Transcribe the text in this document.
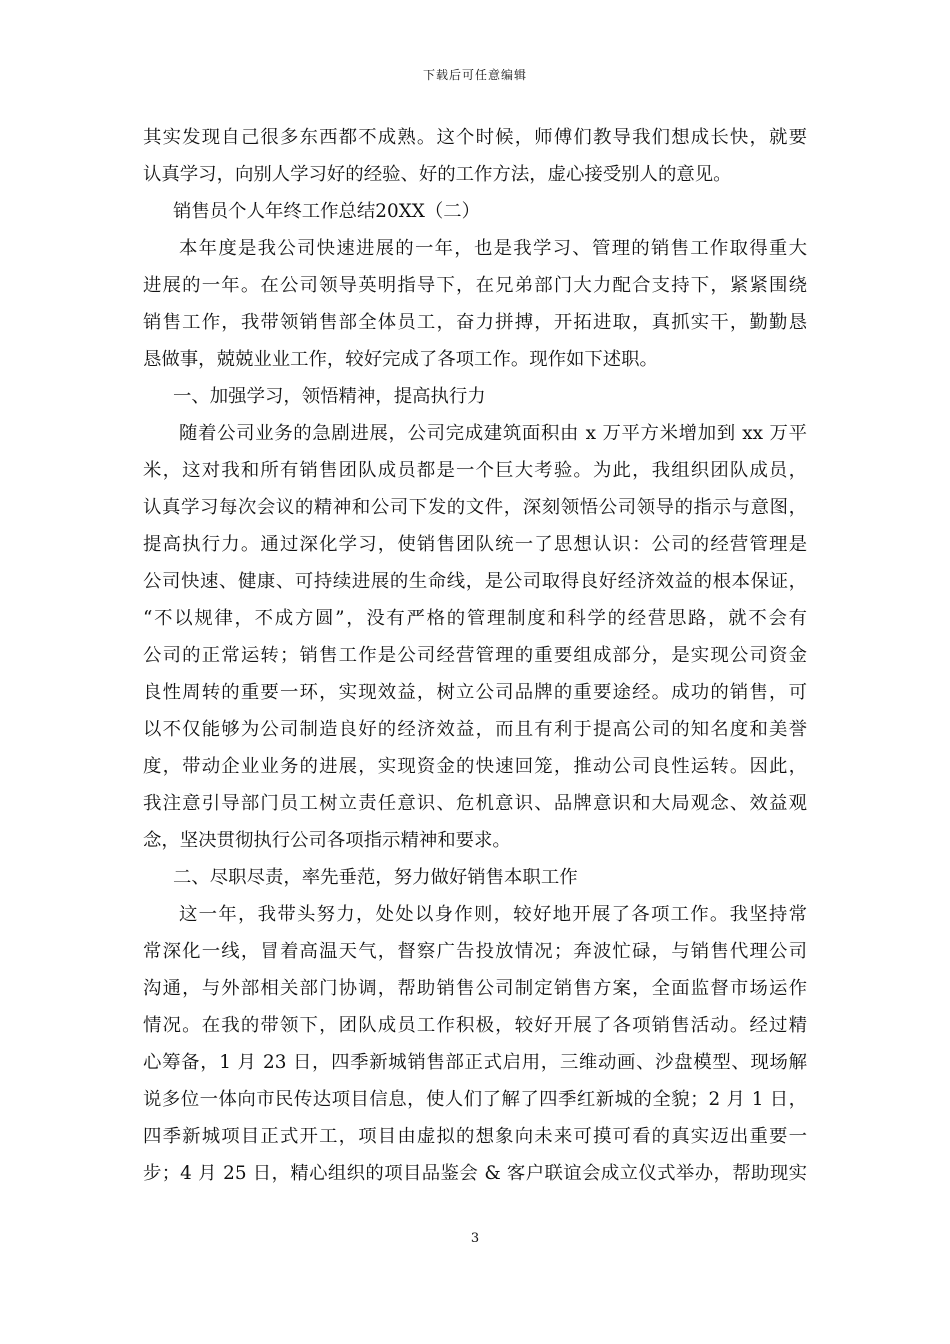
下载后可任意编辑
其实发现自己很多东西都不成熟。这个时候，师傅们教导我们想成长快，就要
认真学习，向别人学习好的经验、好的工作方法，虚心接受别人的意见。
销售员个人年终工作总结20XX（二）
本年度是我公司快速进展的一年，也是我学习、管理的销售工作取得重大
进展的一年。在公司领导英明指导下，在兄弟部门大力配合支持下，紧紧围绕
销售工作，我带领销售部全体员工，奋力拼搏，开拓进取，真抓实干，勤勤恳
恳做事，兢兢业业工作，较好完成了各项工作。现作如下述职。
一、加强学习，领悟精神，提高执行力
随着公司业务的急剧进展，公司完成建筑面积由 x 万平方米增加到 xx 万平
米，这对我和所有销售团队成员都是一个巨大考验。为此，我组织团队成员，
认真学习每次会议的精神和公司下发的文件，深刻领悟公司领导的指示与意图，
提高执行力。通过深化学习，使销售团队统一了思想认识：公司的经营管理是
公司快速、健康、可持续进展的生命线，是公司取得良好经济效益的根本保证，
“不以规律，不成方圆”，没有严格的管理制度和科学的经营思路，就不会有
公司的正常运转；销售工作是公司经营管理的重要组成部分，是实现公司资金
良性周转的重要一环，实现效益，树立公司品牌的重要途经。成功的销售，可
以不仅能够为公司制造良好的经济效益，而且有利于提高公司的知名度和美誉
度，带动企业业务的进展，实现资金的快速回笼，推动公司良性运转。因此，
我注意引导部门员工树立责任意识、危机意识、品牌意识和大局观念、效益观
念，坚决贯彻执行公司各项指示精神和要求。
二、尽职尽责，率先垂范，努力做好销售本职工作
这一年，我带头努力，处处以身作则，较好地开展了各项工作。我坚持常
常深化一线，冒着高温天气，督察广告投放情况；奔波忙碌，与销售代理公司
沟通，与外部相关部门协调，帮助销售公司制定销售方案，全面监督市场运作
情况。在我的带领下，团队成员工作积极，较好开展了各项销售活动。经过精
心筹备，1 月 23 日，四季新城销售部正式启用，三维动画、沙盘模型、现场解
说多位一体向市民传达项目信息，使人们了解了四季红新城的全貌；2 月 1 日，
四季新城项目正式开工，项目由虚拟的想象向未来可摸可看的真实迈出重要一
步；4 月 25 日，精心组织的项目品鉴会 & 客户联谊会成立仪式举办，帮助现实
3
